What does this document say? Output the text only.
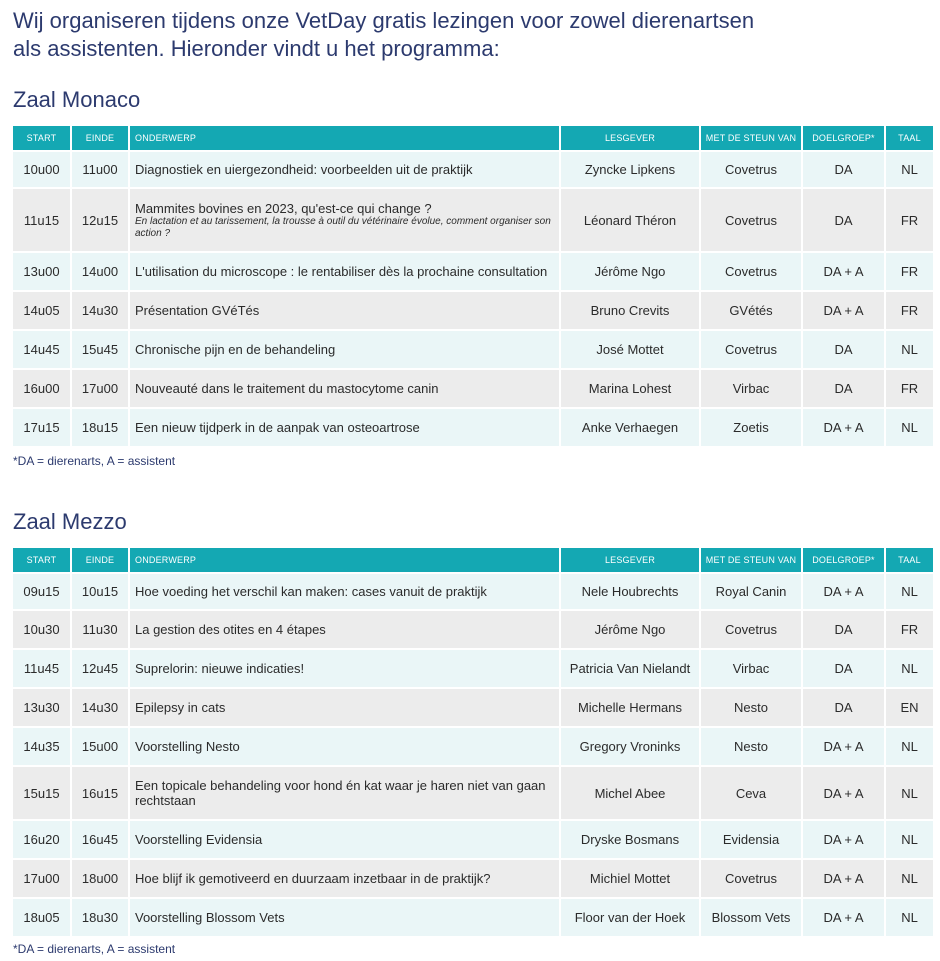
Wij organiseren tijdens onze VetDay gratis lezingen voor zowel dierenartsen
als assistenten. Hieronder vindt u het programma:
Zaal Monaco
START	EINDE	ONDERWERP	LESGEVER	MET DE STEUN VAN	DOELGROEP*	TAAL
10u00	11u00	Diagnostiek en uiergezondheid: voorbeelden uit de praktijk	Zyncke Lipkens	Covetrus	DA	NL
11u15	12u15	Mammites bovines en 2023, qu'est-ce qui change ?
En lactation et au tarissement, la trousse à outil du vétérinaire évolue, comment organiser son action ?	Léonard Théron	Covetrus	DA	FR
13u00	14u00	L'utilisation du microscope : le rentabiliser dès la prochaine consultation	Jérôme Ngo	Covetrus	DA + A	FR
14u05	14u30	Présentation GVéTés	Bruno Crevits	GVétés	DA + A	FR
14u45	15u45	Chronische pijn en de behandeling	José Mottet	Covetrus	DA	NL
16u00	17u00	Nouveauté dans le traitement du mastocytome canin	Marina Lohest	Virbac	DA	FR
17u15	18u15	Een nieuw tijdperk in de aanpak van osteoartrose	Anke Verhaegen	Zoetis	DA + A	NL

*DA = dierenarts, A = assistent

Zaal Mezzo
START	EINDE	ONDERWERP	LESGEVER	MET DE STEUN VAN	DOELGROEP*	TAAL
09u15	10u15	Hoe voeding het verschil kan maken: cases vanuit de praktijk	Nele Houbrechts	Royal Canin	DA + A	NL
10u30	11u30	La gestion des otites en 4 étapes	Jérôme Ngo	Covetrus	DA	FR
11u45	12u45	Suprelorin: nieuwe indicaties!	Patricia Van Nielandt	Virbac	DA	NL
13u30	14u30	Epilepsy in cats	Michelle Hermans	Nesto	DA	EN
14u35	15u00	Voorstelling Nesto	Gregory Vroninks	Nesto	DA + A	NL
15u15	16u15	Een topicale behandeling voor hond én kat waar je haren niet van gaan rechtstaan	Michel Abee	Ceva	DA + A	NL
16u20	16u45	Voorstelling Evidensia	Dryske Bosmans	Evidensia	DA + A	NL
17u00	18u00	Hoe blijf ik gemotiveerd en duurzaam inzetbaar in de praktijk?	Michiel Mottet	Covetrus	DA + A	NL
18u05	18u30	Voorstelling Blossom Vets	Floor van der Hoek	Blossom Vets	DA + A	NL

*DA = dierenarts, A = assistent
